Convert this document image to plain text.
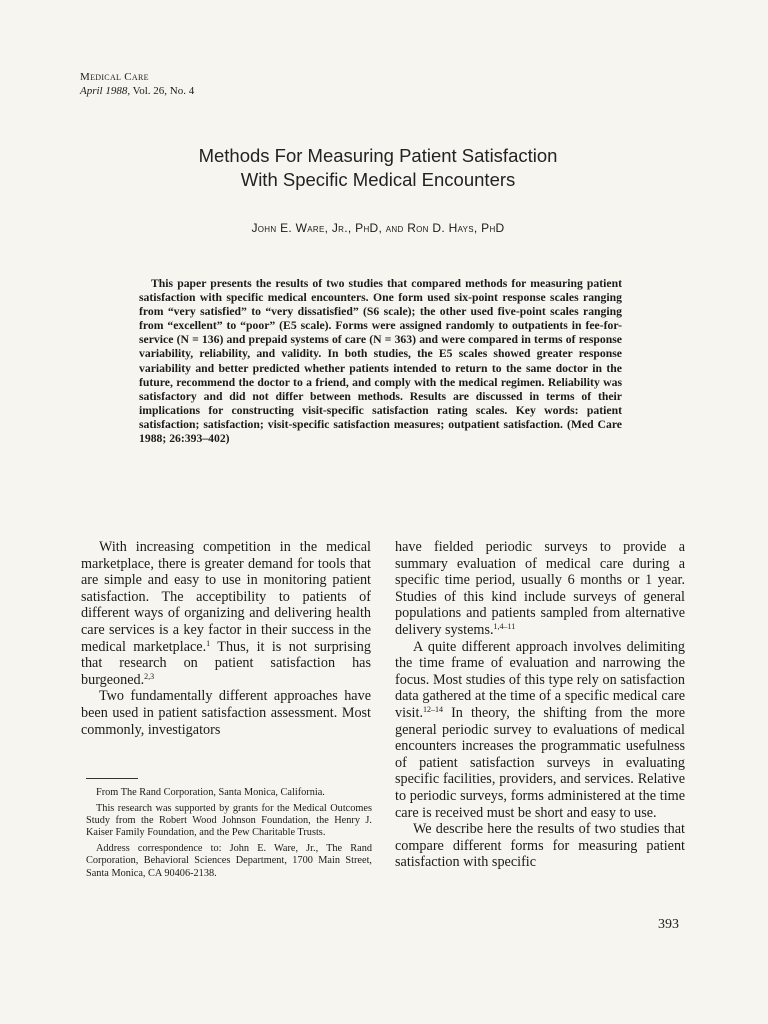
Medical Care
April 1988, Vol. 26, No. 4
Methods For Measuring Patient Satisfaction
With Specific Medical Encounters
John E. Ware, Jr., PhD, and Ron D. Hays, PhD
This paper presents the results of two studies that compared methods for measuring patient satisfaction with specific medical encounters. One form used six-point response scales ranging from “very satisfied” to “very dissatisfied” (S6 scale); the other used five-point scales ranging from “excellent” to “poor” (E5 scale). Forms were assigned randomly to outpatients in fee-for-service (N = 136) and prepaid systems of care (N = 363) and were compared in terms of response variability, reliability, and validity. In both studies, the E5 scales showed greater response variability and better predicted whether patients intended to return to the same doctor in the future, recommend the doctor to a friend, and comply with the medical regimen. Reliability was satisfactory and did not differ between methods. Results are discussed in terms of their implications for constructing visit-specific satisfaction rating scales. Key words: patient satisfaction; satisfaction; visit-specific satisfaction measures; outpatient satisfaction. (Med Care 1988; 26:393–402)

With increasing competition in the medical marketplace, there is greater demand for tools that are simple and easy to use in monitoring patient satisfaction. The acceptibility to patients of different ways of organizing and delivering health care services is a key factor in their success in the medical marketplace.$^1$ Thus, it is not surprising that research on patient satisfaction has burgeoned.$^{2,3}$

Two fundamentally different approaches have been used in patient satisfaction assessment. Most commonly, investigators

From The Rand Corporation, Santa Monica, California.

This research was supported by grants for the Medical Outcomes Study from the Robert Wood Johnson Foundation, the Henry J. Kaiser Family Foundation, and the Pew Charitable Trusts.

Address correspondence to: John E. Ware, Jr., The Rand Corporation, Behavioral Sciences Department, 1700 Main Street, Santa Monica, CA 90406-2138.

have fielded periodic surveys to provide a summary evaluation of medical care during a specific time period, usually 6 months or 1 year. Studies of this kind include surveys of general populations and patients sampled from alternative delivery systems.$^{1,4-11}$

A quite different approach involves delimiting the time frame of evaluation and narrowing the focus. Most studies of this type rely on satisfaction data gathered at the time of a specific medical care visit.$^{12-14}$ In theory, the shifting from the more general periodic survey to evaluations of medical encounters increases the programmatic usefulness of patient satisfaction surveys in evaluating specific facilities, providers, and services. Relative to periodic surveys, forms administered at the time care is received must be short and easy to use.

We describe here the results of two studies that compare different forms for measuring patient satisfaction with specific

393
